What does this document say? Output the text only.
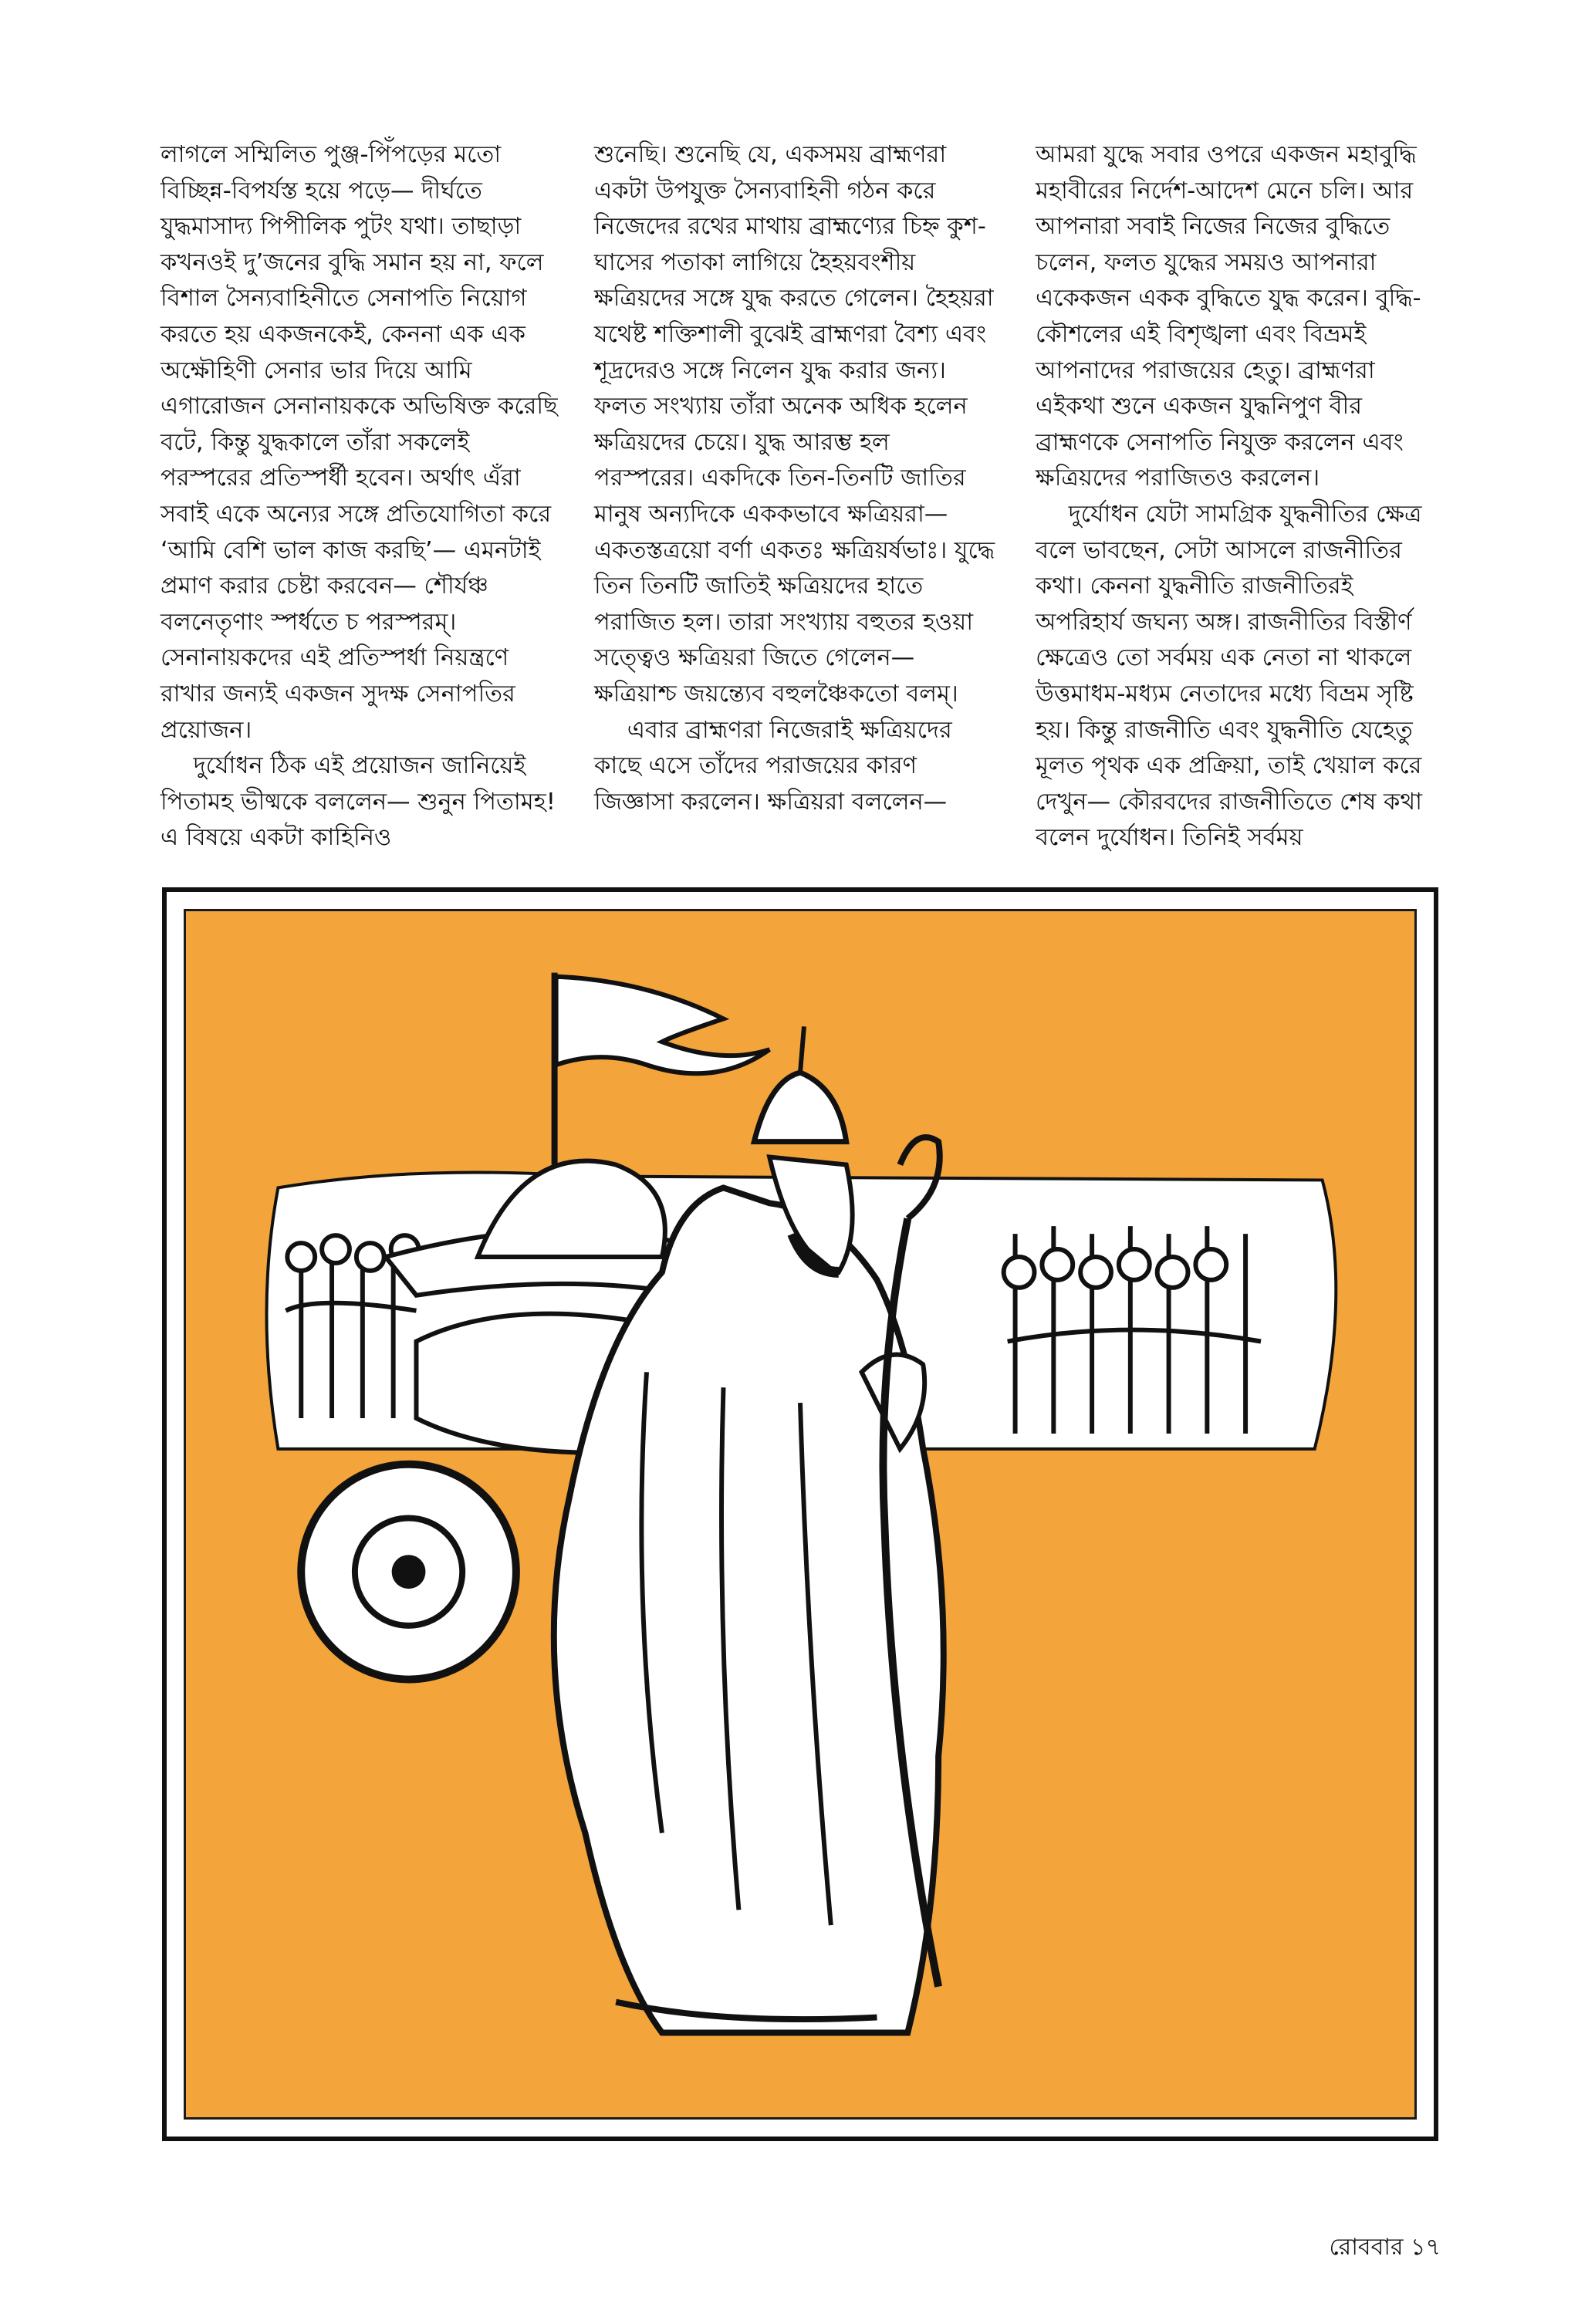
লাগলে সম্মিলিত পুঞ্জ-পিঁপড়ের মতো বিচ্ছিন্ন-বিপর্যস্ত হয়ে পড়ে— দীর্ঘতে যুদ্ধমাসাদ্য পিপীলিক পুটং যথা। তাছাড়া কখনওই দু’জনের বুদ্ধি সমান হয় না, ফলে বিশাল সৈন্যবাহিনীতে সেনাপতি নিয়োগ করতে হয় একজনকেই, কেননা এক এক অক্ষৌহিণী সেনার ভার দিয়ে আমি এগারোজন সেনানায়ককে অভিষিক্ত করেছি বটে, কিন্তু যুদ্ধকালে তাঁরা সকলেই পরস্পরের প্রতিস্পর্ধী হবেন। অর্থাৎ এঁরা সবাই একে অন্যের সঙ্গে প্রতিযোগিতা করে ‘আমি বেশি ভাল কাজ করছি’— এমনটাই প্রমাণ করার চেষ্টা করবেন— শৌর্যঞ্চ বলনেতৃণাং স্পর্ধতে চ পরস্পরম্। সেনানায়কদের এই প্রতিস্পর্ধা নিয়ন্ত্রণে রাখার জন্যই একজন সুদক্ষ সেনাপতির প্রয়োজন।

দুর্যোধন ঠিক এই প্রয়োজন জানিয়েই পিতামহ ভীষ্মকে বললেন— শুনুন পিতামহ! এ বিষয়ে একটা কাহিনিও

শুনেছি। শুনেছি যে, একসময় ব্রাহ্মণরা একটা উপযুক্ত সৈন্যবাহিনী গঠন করে নিজেদের রথের মাথায় ব্রাহ্মণ্যের চিহ্ন কুশ-ঘাসের পতাকা লাগিয়ে হৈহয়বংশীয় ক্ষত্রিয়দের সঙ্গে যুদ্ধ করতে গেলেন। হৈহয়রা যথেষ্ট শক্তিশালী বুঝেই ব্রাহ্মণরা বৈশ্য এবং শূদ্রদেরও সঙ্গে নিলেন যুদ্ধ করার জন্য। ফলত সংখ্যায় তাঁরা অনেক অধিক হলেন ক্ষত্রিয়দের চেয়ে। যুদ্ধ আরম্ভ হল পরস্পরের। একদিকে তিন-তিনটি জাতির মানুষ অন্যদিকে এককভাবে ক্ষত্রিয়রা— একতস্তত্রয়ো বর্ণা একতঃ ক্ষত্রিয়র্ষভাঃ। যুদ্ধে তিন তিনটি জাতিই ক্ষত্রিয়দের হাতে পরাজিত হল। তারা সংখ্যায় বহুতর হওয়া সত্ত্বেও ক্ষত্রিয়রা জিতে গেলেন— ক্ষত্রিয়াশ্চ জয়ন্ত্যেব বহুলঞ্চৈকতো বলম্।

এবার ব্রাহ্মণরা নিজেরাই ক্ষত্রিয়দের কাছে এসে তাঁদের পরাজয়ের কারণ জিজ্ঞাসা করলেন। ক্ষত্রিয়রা বললেন—

আমরা যুদ্ধে সবার ওপরে একজন মহাবুদ্ধি মহাবীরের নির্দেশ-আদেশ মেনে চলি। আর আপনারা সবাই নিজের নিজের বুদ্ধিতে চলেন, ফলত যুদ্ধের সময়ও আপনারা একেকজন একক বুদ্ধিতে যুদ্ধ করেন। বুদ্ধি-কৌশলের এই বিশৃঙ্খলা এবং বিভ্রমই আপনাদের পরাজয়ের হেতু। ব্রাহ্মণরা এইকথা শুনে একজন যুদ্ধনিপুণ বীর ব্রাহ্মণকে সেনাপতি নিযুক্ত করলেন এবং ক্ষত্রিয়দের পরাজিতও করলেন।

দুর্যোধন যেটা সামগ্রিক যুদ্ধনীতির ক্ষেত্র বলে ভাবছেন, সেটা আসলে রাজনীতির কথা। কেননা যুদ্ধনীতি রাজনীতিরই অপরিহার্য জঘন্য অঙ্গ। রাজনীতির বিস্তীর্ণ ক্ষেত্রেও তো সর্বময় এক নেতা না থাকলে উত্তমাধম-মধ্যম নেতাদের মধ্যে বিভ্রম সৃষ্টি হয়। কিন্তু রাজনীতি এবং যুদ্ধনীতি যেহেতু মূলত পৃথক এক প্রক্রিয়া, তাই খেয়াল করে দেখুন— কৌরবদের রাজনীতিতে শেষ কথা বলেন দুর্যোধন। তিনিই সর্বময়

রোববার ১৭
